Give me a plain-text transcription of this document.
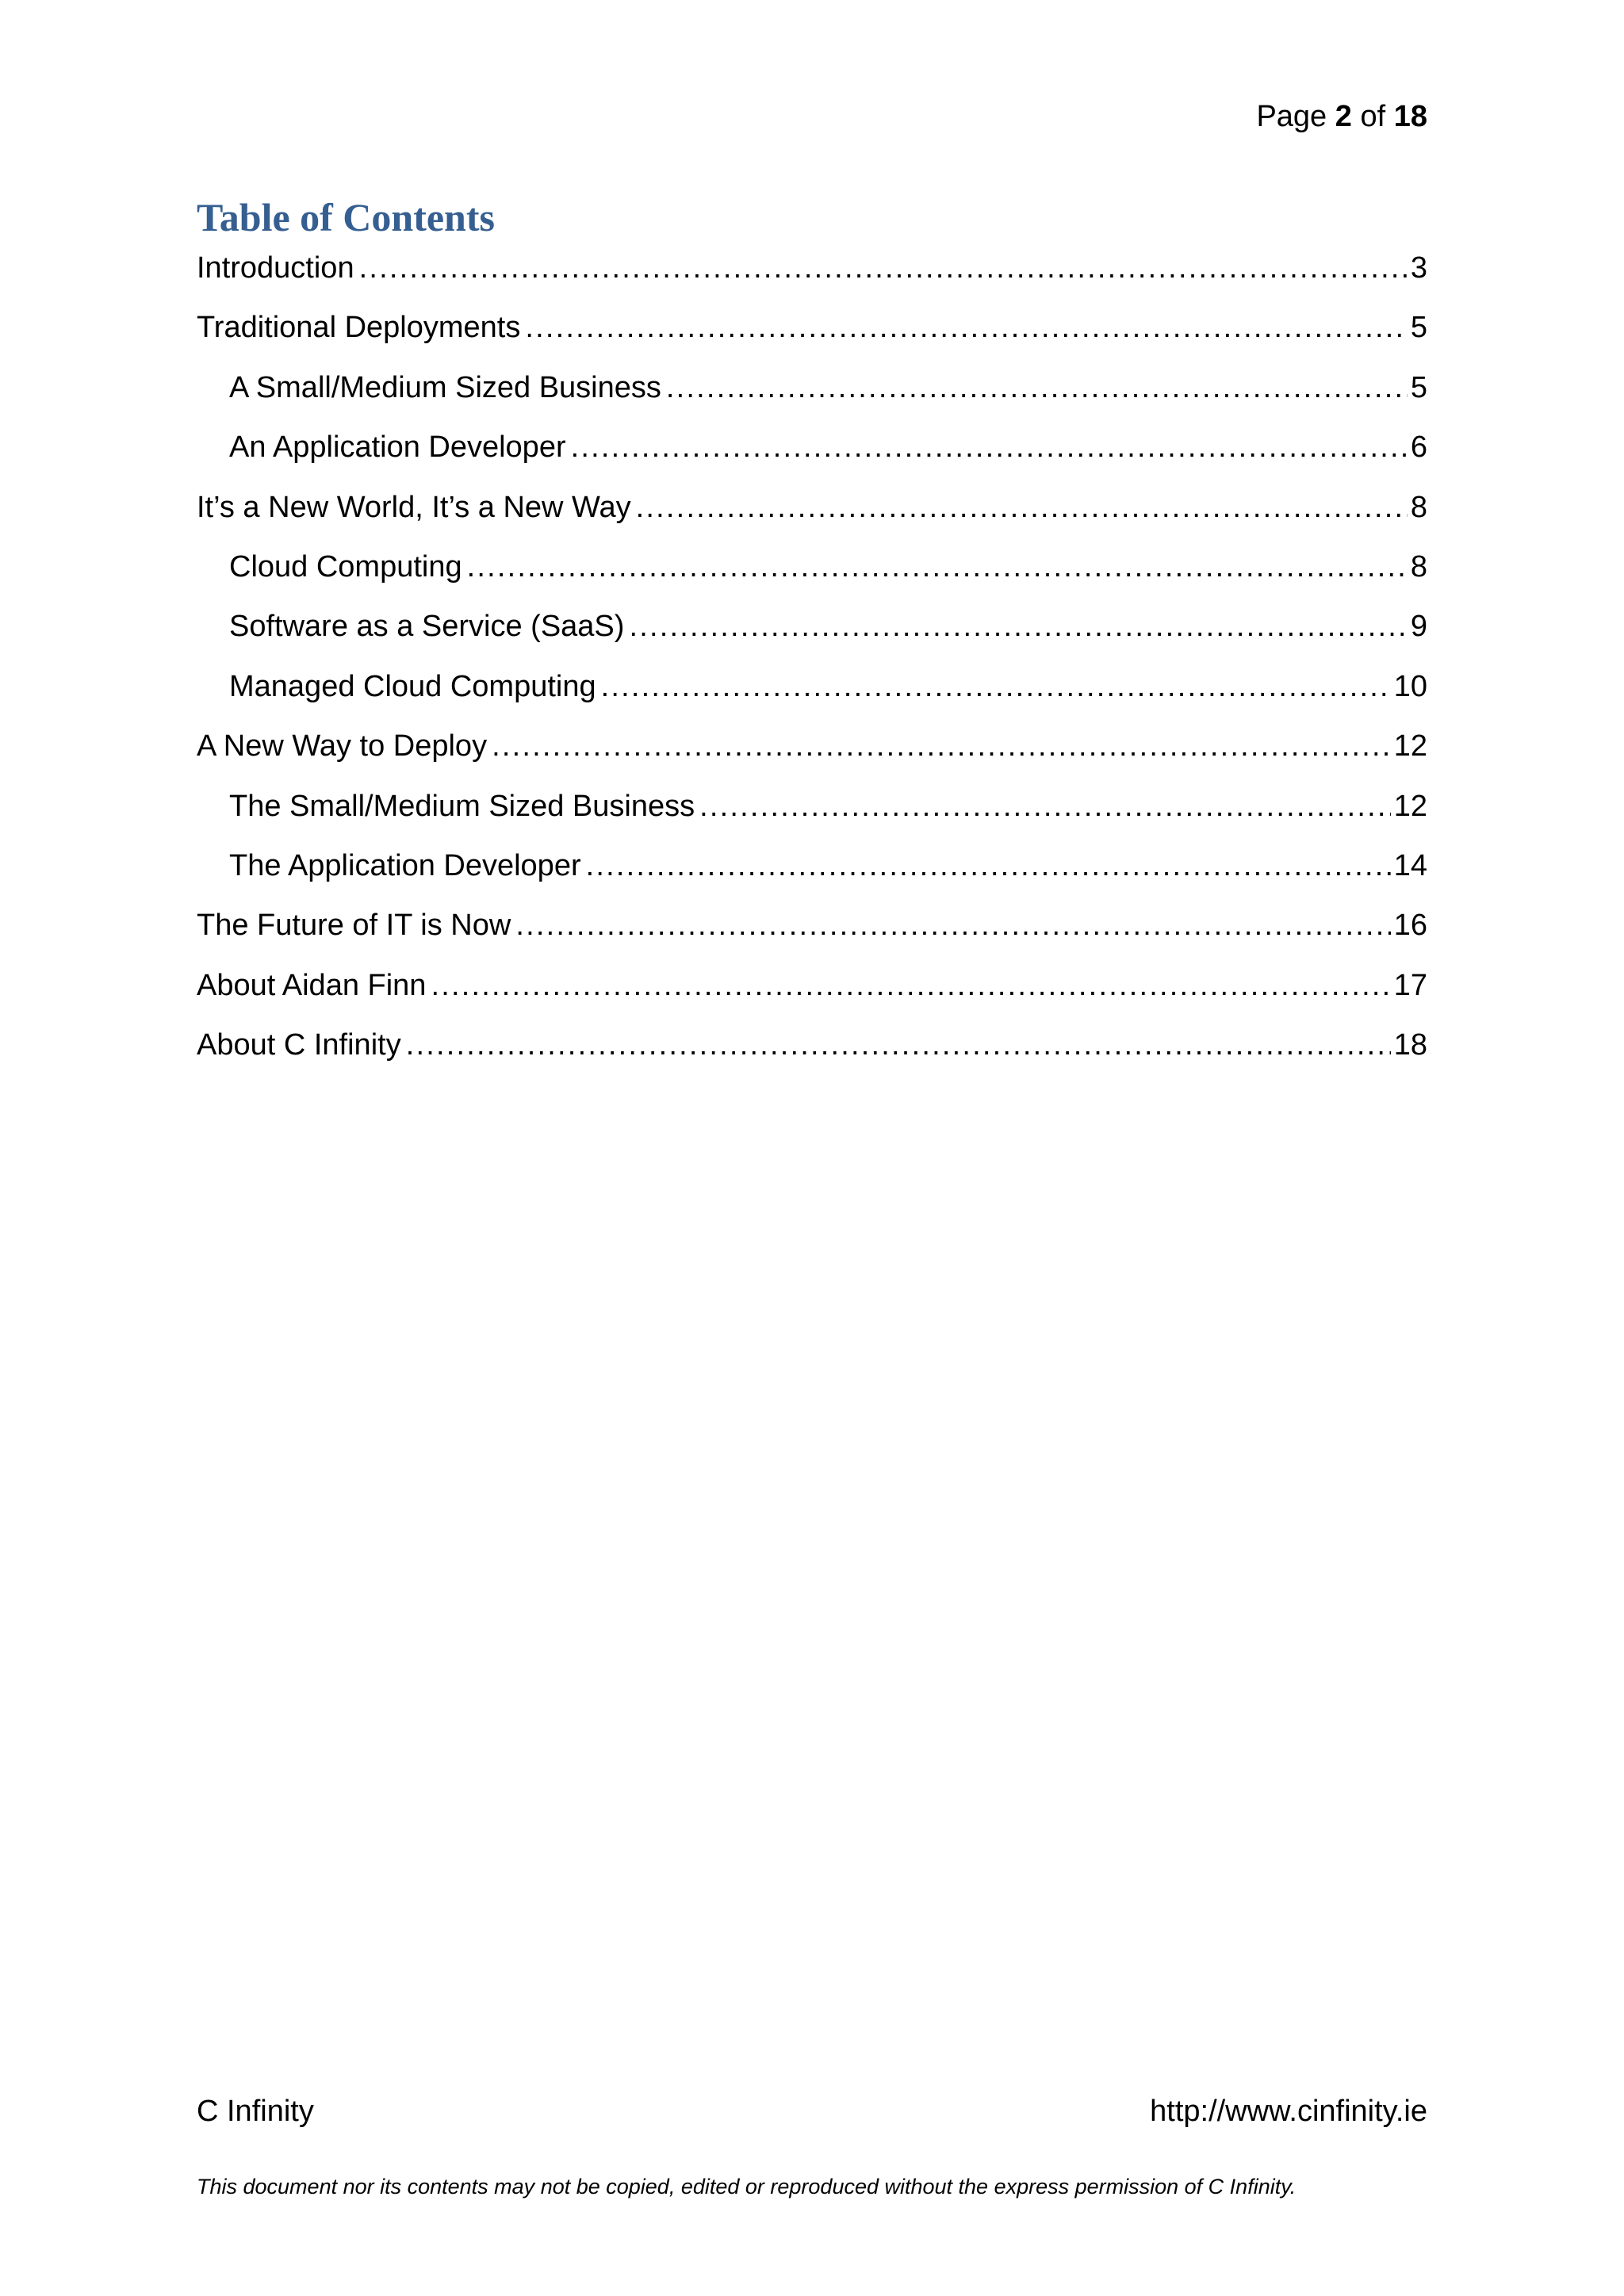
Page 2 of 18
Table of Contents
Introduction .....	3
Traditional Deployments .....	5
A Small/Medium Sized Business .....	5
An Application Developer .....	6
It’s a New World, It’s a New Way .....	8
Cloud Computing .....	8
Software as a Service (SaaS) .....	9
Managed Cloud Computing .....	10
A New Way to Deploy .....	12
The Small/Medium Sized Business .....	12
The Application Developer .....	14
The Future of IT is Now .....	16
About Aidan Finn .....	17
About C Infinity .....	18
C Infinity	http://www.cinfinity.ie
This document nor its contents may not be copied, edited or reproduced without the express permission of C Infinity.
